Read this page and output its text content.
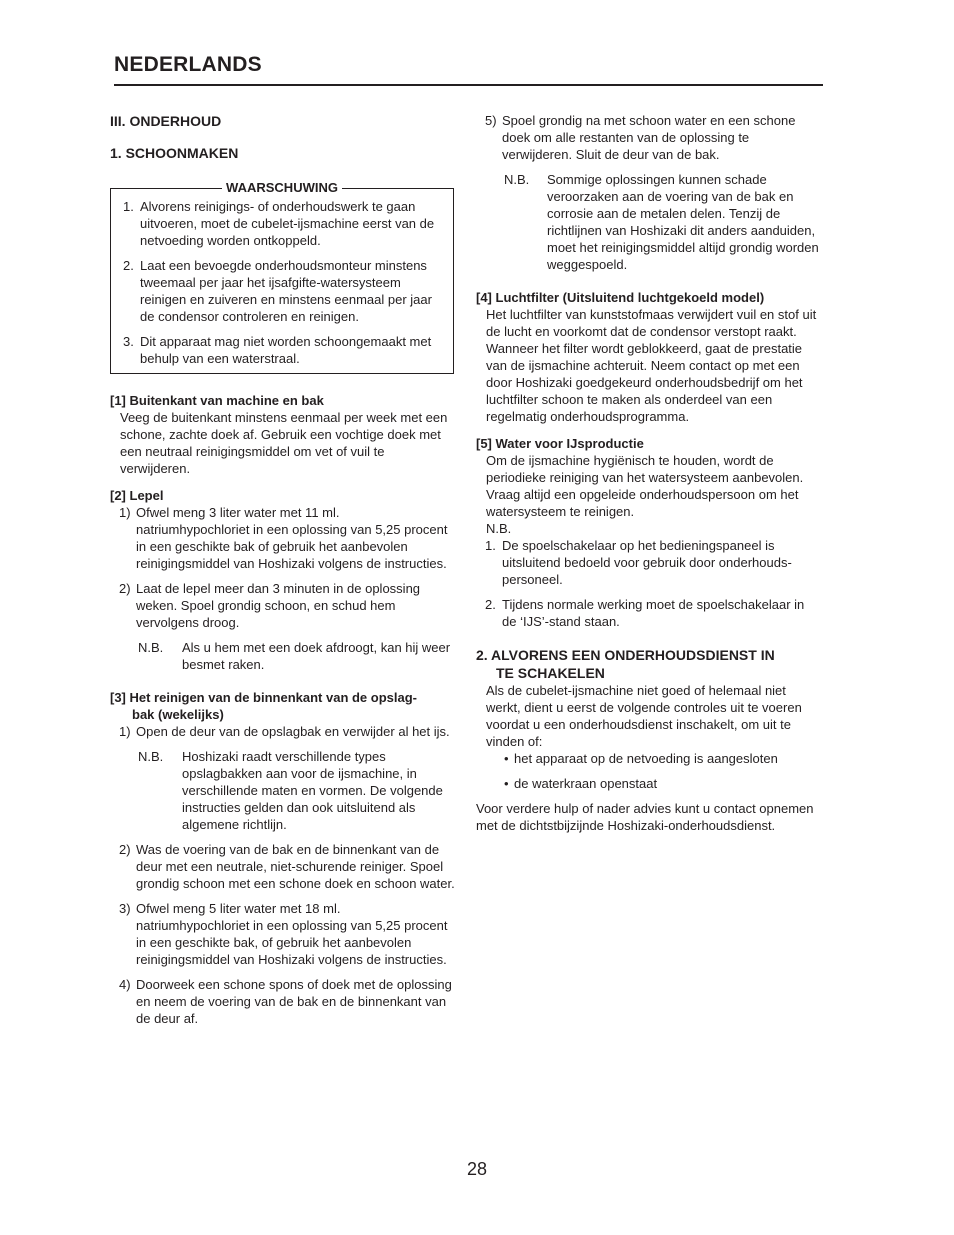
NEDERLANDS

III. ONDERHOUD

1. SCHOONMAKEN

WAARSCHUWING
1. Alvorens reinigings- of onderhoudswerk te gaan uitvoeren, moet de cubelet-ijsmachine eerst van de netvoeding worden ontkoppeld.
2. Laat een bevoegde onderhoudsmonteur minstens tweemaal per jaar het ijsafgifte-watersysteem reinigen en zuiveren en minstens eenmaal per jaar de condensor controleren en reinigen.
3. Dit apparaat mag niet worden schoongemaakt met behulp van een waterstraal.

[1] Buitenkant van machine en bak

Veeg de buitenkant minstens eenmaal per week met een schone, zachte doek af. Gebruik een vochtige doek met een neutraal reinigingsmiddel om vet of vuil te verwijderen.

[2] Lepel

1) Ofwel meng 3 liter water met 11 ml. natriumhypochloriet in een oplossing van 5,25 procent in een geschikte bak of gebruik het aanbevolen reinigingsmiddel van Hoshizaki volgens de instructies.
2) Laat de lepel meer dan 3 minuten in de oplossing weken. Spoel grondig schoon, en schud hem vervolgens droog.
N.B.	Als u hem met een doek afdroogt, kan hij weer besmet raken.

[3] Het reinigen van de binnenkant van de opslag-
bak (wekelijks)

1) Open de deur van de opslagbak en verwijder al het ijs.
N.B.	Hoshizaki raadt verschillende types opslagbakken aan voor de ijsmachine, in verschillende maten en vormen. De volgende instructies gelden dan ook uitsluitend als algemene richtlijn.
2) Was de voering van de bak en de binnenkant van de deur met een neutrale, niet-schurende reiniger. Spoel grondig schoon met een schone doek en schoon water.
3) Ofwel meng 5 liter water met 18 ml. natriumhypochloriet in een oplossing van 5,25 procent in een geschikte bak, of gebruik het aanbevolen reinigingsmiddel van Hoshizaki volgens de instructies.
4) Doorweek een schone spons of doek met de oplossing en neem de voering van de bak en de binnenkant van de deur af.
5) Spoel grondig na met schoon water en een schone doek om alle restanten van de oplossing te verwijderen. Sluit de deur van de bak.
N.B.	Sommige oplossingen kunnen schade veroorzaken aan de voering van de bak en corrosie aan de metalen delen. Tenzij de richtlijnen van Hoshizaki dit anders aanduiden, moet het reinigingsmiddel altijd grondig worden weggespoeld.

[4] Luchtfilter (Uitsluitend luchtgekoeld model)

Het luchtfilter van kunststofmaas verwijdert vuil en stof uit de lucht en voorkomt dat de condensor verstopt raakt. Wanneer het filter wordt geblokkeerd, gaat de prestatie van de ijsmachine achteruit. Neem contact op met een door Hoshizaki goedgekeurd onderhoudsbedrijf om het luchtfilter schoon te maken als onderdeel van een regelmatig onderhoudsprogramma.

[5] Water voor IJsproductie

Om de ijsmachine hygiënisch te houden, wordt de periodieke reiniging van het watersysteem aanbevolen. Vraag altijd een opgeleide onderhoudspersoon om het watersysteem te reinigen.

N.B.

1. De spoelschakelaar op het bedieningspaneel is uitsluitend bedoeld voor gebruik door onderhouds-personeel.
2. Tijdens normale werking moet de spoelschakelaar in de ‘IJS’-stand staan.

2. ALVORENS EEN ONDERHOUDSDIENST IN
TE SCHAKELEN

Als de cubelet-ijsmachine niet goed of helemaal niet werkt, dient u eerst de volgende controles uit te voeren voordat u een onderhoudsdienst inschakelt, om uit te vinden of:

• het apparaat op de netvoeding is aangesloten
• de waterkraan openstaat

Voor verdere hulp of nader advies kunt u contact opnemen met de dichtstbijzijnde Hoshizaki-onderhoudsdienst.

28
